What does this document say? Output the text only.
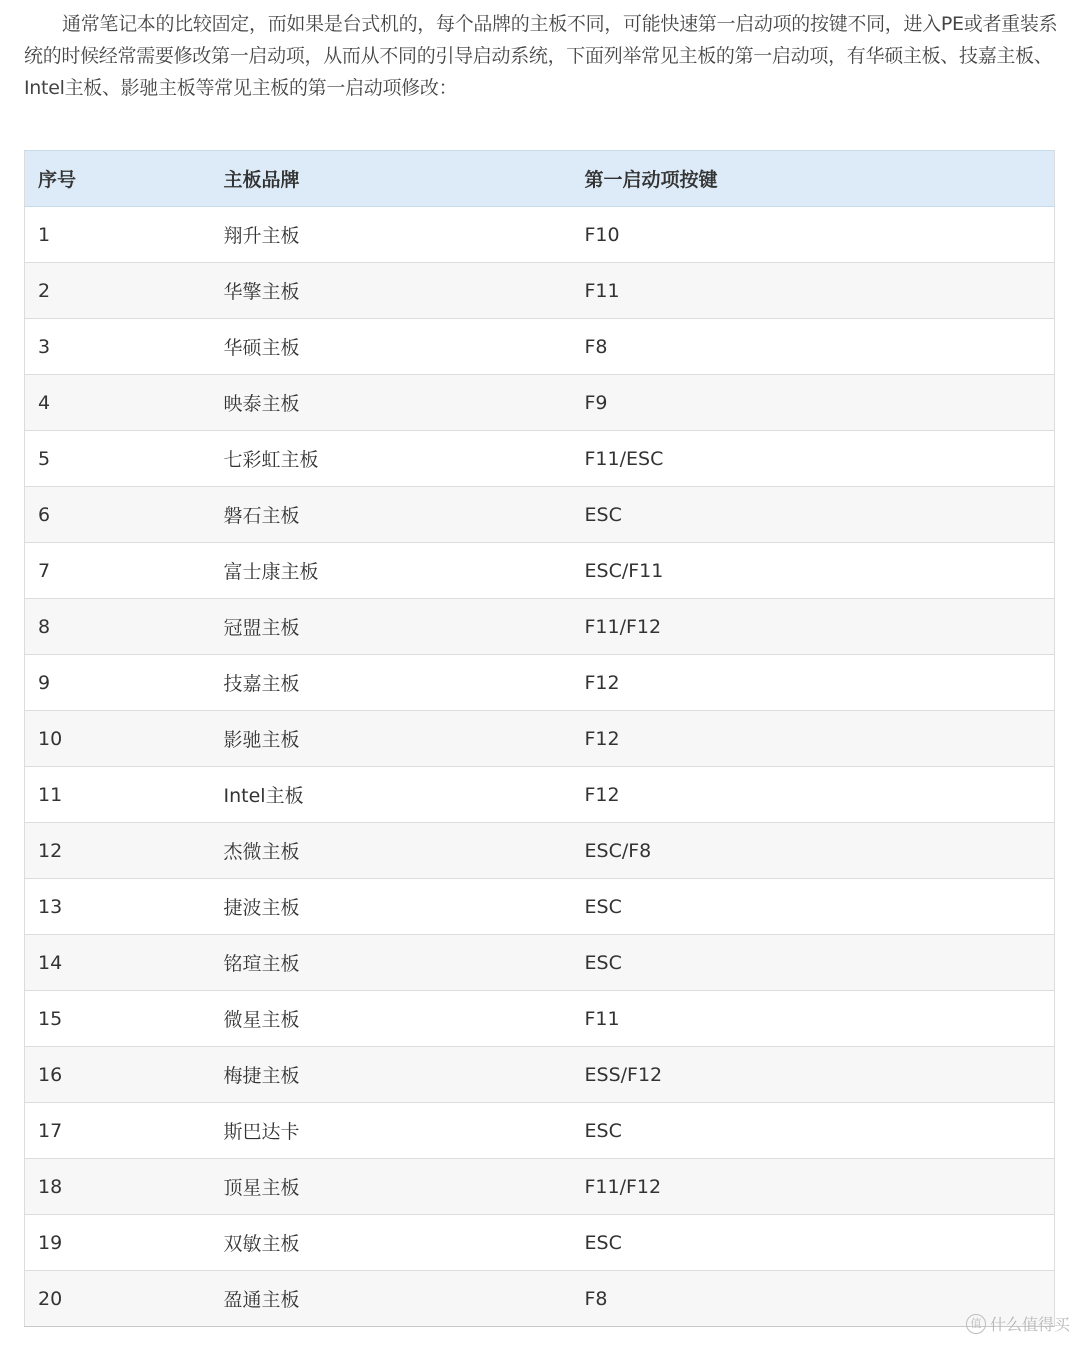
通常笔记本的比较固定，而如果是台式机的，每个品牌的主板不同，可能快速第一启动项的按键不同，进入PE或者重装系统的时候经常需要修改第一启动项，从而从不同的引导启动系统，下面列举常见主板的第一启动项，有华硕主板、技嘉主板、Intel主板、影驰主板等常见主板的第一启动项修改：

序号	主板品牌	第一启动项按键
1	翔升主板	F10
2	华擎主板	F11
3	华硕主板	F8
4	映泰主板	F9
5	七彩虹主板	F11/ESC
6	磐石主板	ESC
7	富士康主板	ESC/F11
8	冠盟主板	F11/F12
9	技嘉主板	F12
10	影驰主板	F12
11	Intel主板	F12
12	杰微主板	ESC/F8
13	捷波主板	ESC
14	铭瑄主板	ESC
15	微星主板	F11
16	梅捷主板	ESS/F12
17	斯巴达卡	ESC
18	顶星主板	F11/F12
19	双敏主板	ESC
20	盈通主板	F8
值 什么值得买
